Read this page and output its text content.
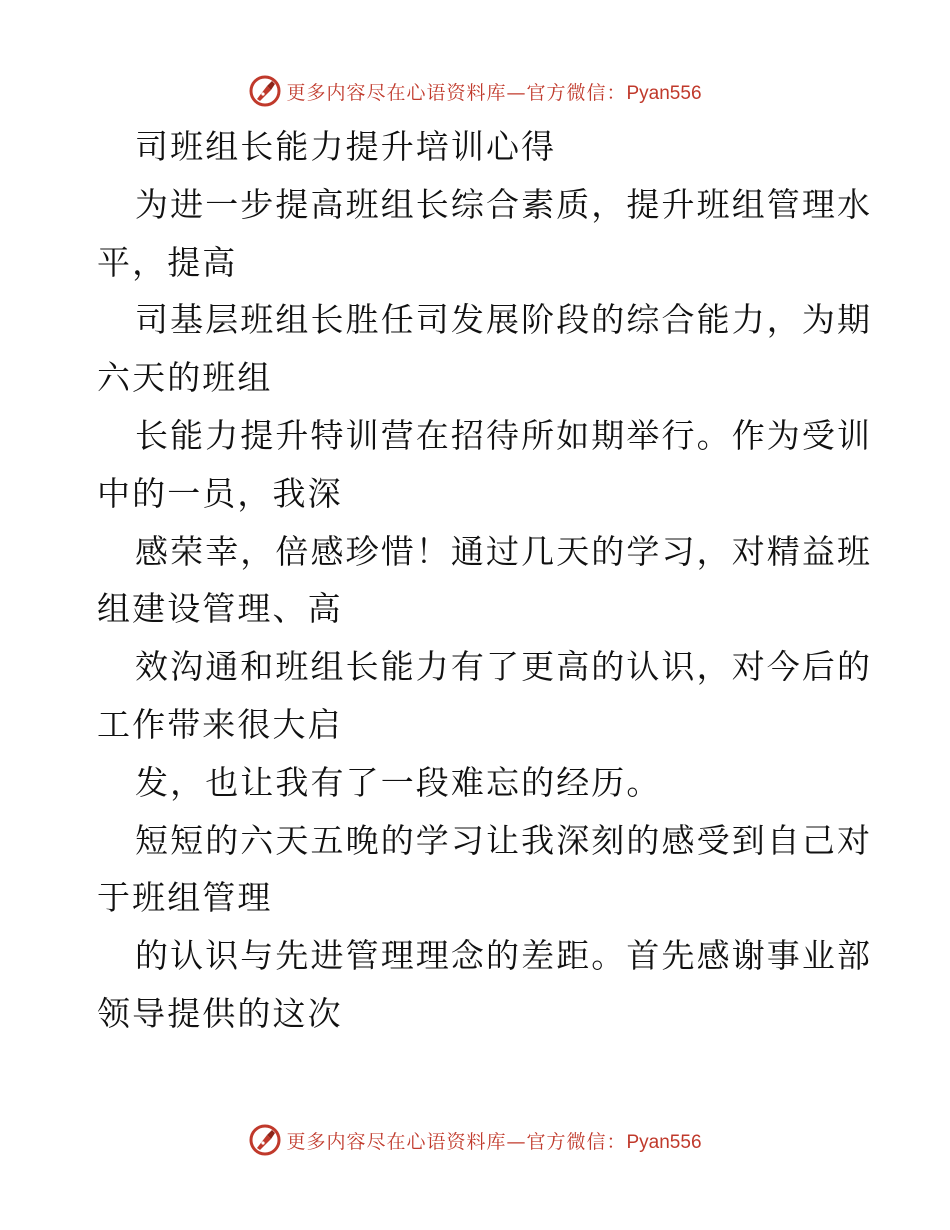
更多内容尽在心语资料库—官方微信：Pyan556
司班组长能力提升培训心得
为进一步提高班组长综合素质，提升班组管理水
平，提高
司基层班组长胜任司发展阶段的综合能力，为期
六天的班组
长能力提升特训营在招待所如期举行。作为受训
中的一员，我深
感荣幸，倍感珍惜！通过几天的学习，对精益班
组建设管理、高
效沟通和班组长能力有了更高的认识，对今后的
工作带来很大启
发，也让我有了一段难忘的经历。
短短的六天五晚的学习让我深刻的感受到自己对
于班组管理
的认识与先进管理理念的差距。首先感谢事业部
领导提供的这次
更多内容尽在心语资料库—官方微信：Pyan556
